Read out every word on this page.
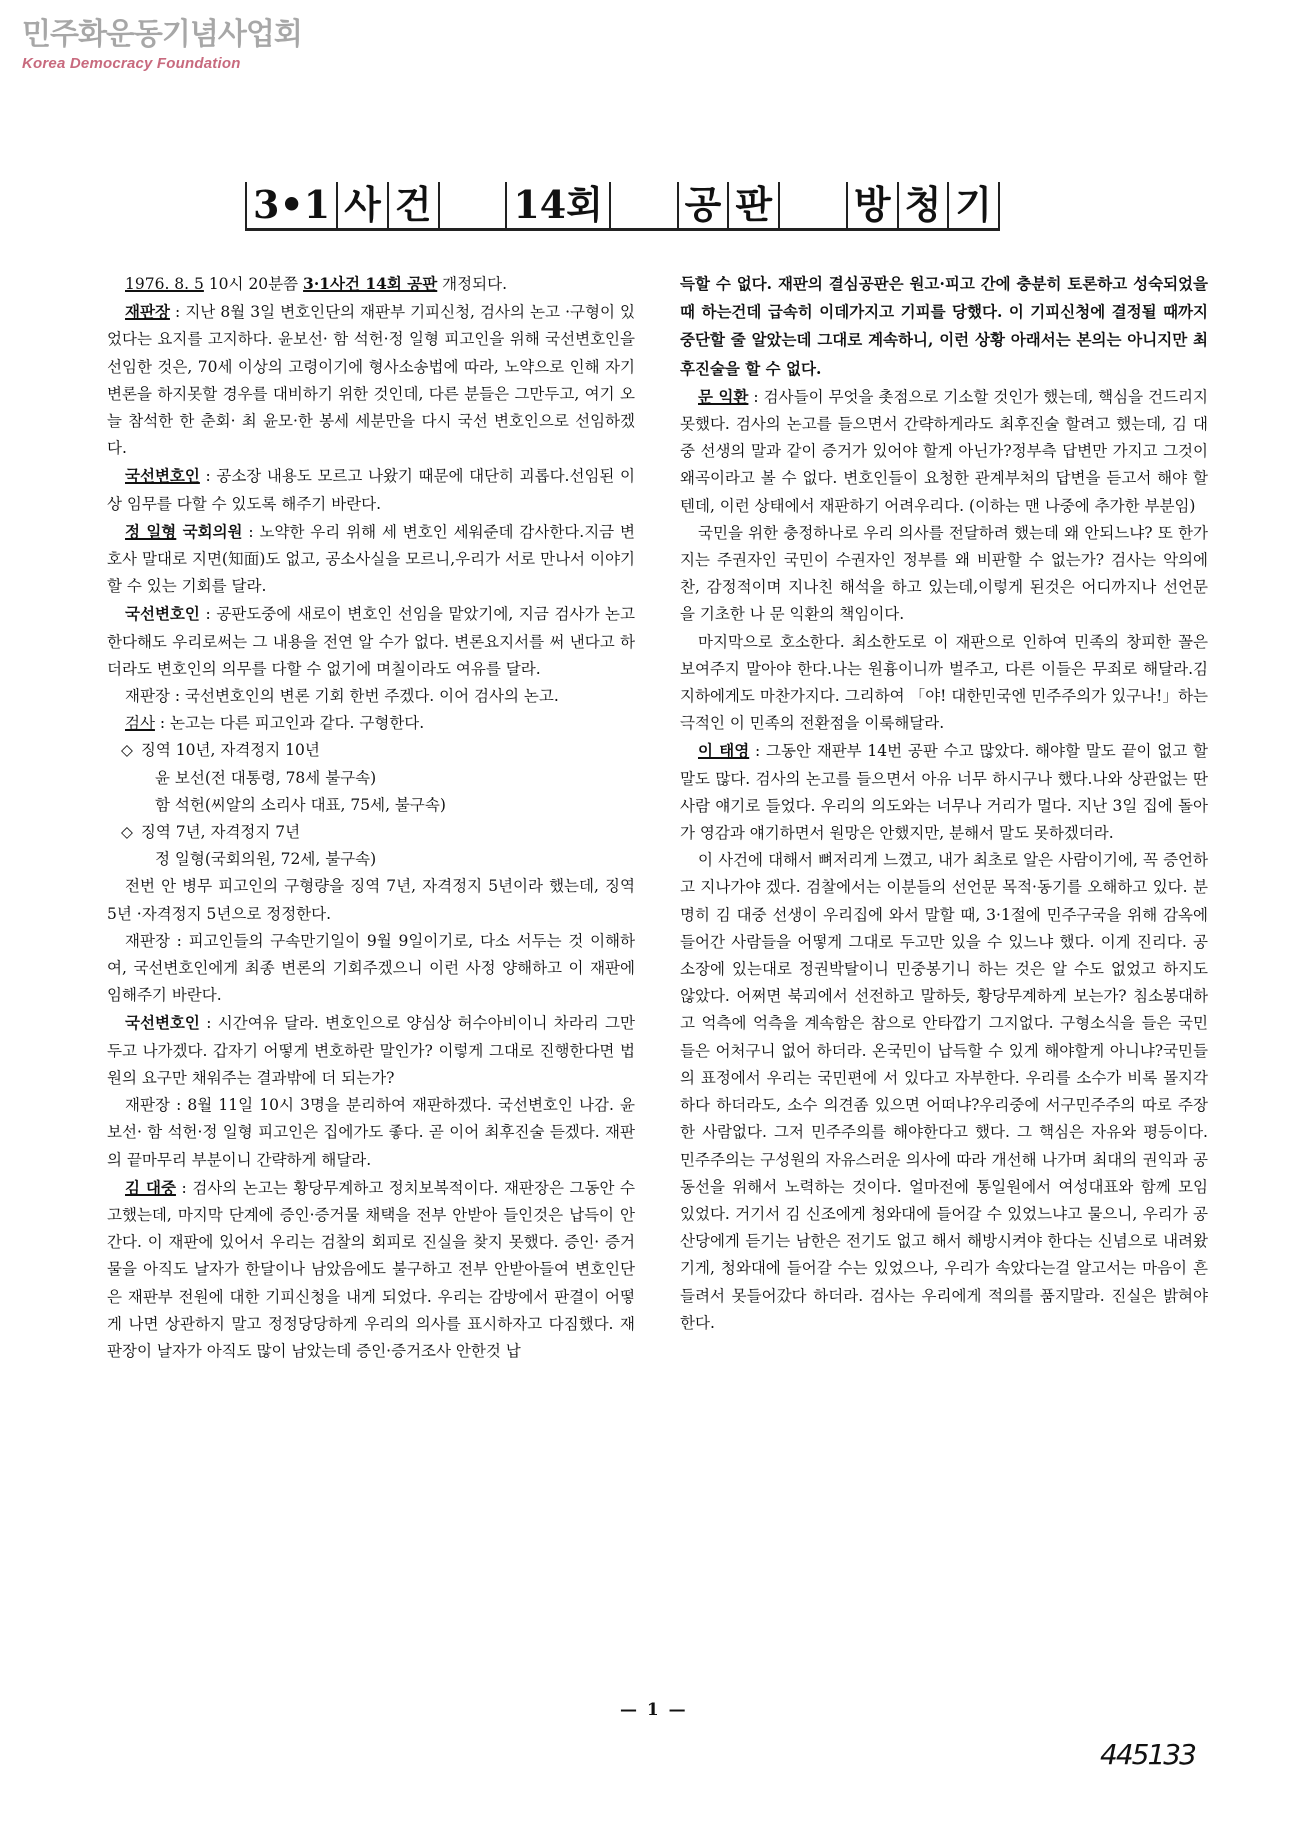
민주화운동기념사업회
Korea Democracy Foundation
3•1 사 건 14회 공 판 방 청 기

1976. 8. 5 10시 20분쯤 3·1사건 14회 공판 개정되다.

재판장 : 지난 8월 3일 변호인단의 재판부 기피신청, 검사의 논고 ·구형이 있었다는 요지를 고지하다. 윤보선· 함 석헌·정 일형 피고인을 위해 국선변호인을 선임한 것은, 70세 이상의 고령이기에 형사소송법에 따라, 노약으로 인해 자기 변론을 하지못할 경우를 대비하기 위한 것인데, 다른 분들은 그만두고, 여기 오늘 참석한 한 춘회· 최 윤모·한 봉세 세분만을 다시 국선 변호인으로 선임하겠다.

국선변호인 : 공소장 내용도 모르고 나왔기 때문에 대단히 괴롭다.선임된 이상 임무를 다할 수 있도록 해주기 바란다.

정 일형 국회의원 : 노약한 우리 위해 세 변호인 세워준데 감사한다.지금 변호사 말대로 지면(知面)도 없고, 공소사실을 모르니,우리가 서로 만나서 이야기 할 수 있는 기회를 달라.

국선변호인 : 공판도중에 새로이 변호인 선임을 맡았기에, 지금 검사가 논고한다해도 우리로써는 그 내용을 전연 알 수가 없다. 변론요지서를 써 낸다고 하더라도 변호인의 의무를 다할 수 없기에 며칠이라도 여유를 달라.

재판장 : 국선변호인의 변론 기회 한번 주겠다. 이어 검사의 논고.

검사 : 논고는 다른 피고인과 같다. 구형한다.

◇ 징역 10년, 자격정지 10년
윤 보선(전 대통령, 78세 불구속)
함 석헌(씨알의 소리사 대표, 75세, 불구속)
◇ 징역 7년, 자격정지 7년
정 일형(국회의원, 72세, 불구속)

전번 안 병무 피고인의 구형량을 징역 7년, 자격정지 5년이라 했는데, 징역 5년 ·자격정지 5년으로 정정한다.

재판장 : 피고인들의 구속만기일이 9월 9일이기로, 다소 서두는 것 이해하여, 국선변호인에게 최종 변론의 기회주겠으니 이런 사정 양해하고 이 재판에 임해주기 바란다.

국선변호인 : 시간여유 달라. 변호인으로 양심상 허수아비이니 차라리 그만두고 나가겠다. 갑자기 어떻게 변호하란 말인가? 이렇게 그대로 진행한다면 법원의 요구만 채워주는 결과밖에 더 되는가?

재판장 : 8월 11일 10시 3명을 분리하여 재판하겠다. 국선변호인 나감. 윤 보선· 함 석헌·정 일형 피고인은 집에가도 좋다. 곧 이어 최후진술 듣겠다. 재판의 끝마무리 부분이니 간략하게 해달라.

김 대중 : 검사의 논고는 황당무계하고 정치보복적이다. 재판장은 그동안 수고했는데, 마지막 단계에 증인·증거물 채택을 전부 안받아 들인것은 납득이 안간다. 이 재판에 있어서 우리는 검찰의 회피로 진실을 찾지 못했다. 증인· 증거물을 아직도 날자가 한달이나 남았음에도 불구하고 전부 안받아들여 변호인단은 재판부 전원에 대한 기피신청을 내게 되었다. 우리는 감방에서 판결이 어떻게 나면 상관하지 말고 정정당당하게 우리의 의사를 표시하자고 다짐했다. 재판장이 날자가 아직도 많이 남았는데 증인·증거조사 안한것 납

득할 수 없다. 재판의 결심공판은 원고·피고 간에 충분히 토론하고 성숙되었을 때 하는건데 급속히 이데가지고 기피를 당했다. 이 기피신청에 결정될 때까지 중단할 줄 알았는데 그대로 계속하니, 이런 상황 아래서는 본의는 아니지만 최후진술을 할 수 없다.

문 익환 : 검사들이 무엇을 촛점으로 기소할 것인가 했는데, 핵심을 건드리지 못했다. 검사의 논고를 들으면서 간략하게라도 최후진술 할려고 했는데, 김 대중 선생의 말과 같이 증거가 있어야 할게 아닌가?정부측 답변만 가지고 그것이 왜곡이라고 볼 수 없다. 변호인들이 요청한 관계부처의 답변을 듣고서 해야 할텐데, 이런 상태에서 재판하기 어려우리다. (이하는 맨 나중에 추가한 부분임)

국민을 위한 충정하나로 우리 의사를 전달하려 했는데 왜 안되느냐? 또 한가지는 주권자인 국민이 수권자인 정부를 왜 비판할 수 없는가? 검사는 악의에 찬, 감정적이며 지나친 해석을 하고 있는데,이렇게 된것은 어디까지나 선언문을 기초한 나 문 익환의 책임이다.

마지막으로 호소한다. 최소한도로 이 재판으로 인하여 민족의 창피한 꼴은 보여주지 말아야 한다.나는 원흉이니까 벌주고, 다른 이들은 무죄로 해달라.김 지하에게도 마찬가지다. 그리하여 「야! 대한민국엔 민주주의가 있구나!」하는 극적인 이 민족의 전환점을 이룩해달라.

이 태영 : 그동안 재판부 14번 공판 수고 많았다. 해야할 말도 끝이 없고 할말도 많다. 검사의 논고를 들으면서 아유 너무 하시구나 했다.나와 상관없는 딴 사람 얘기로 들었다. 우리의 의도와는 너무나 거리가 멀다. 지난 3일 집에 돌아가 영감과 얘기하면서 원망은 안했지만, 분해서 말도 못하겠더라.

이 사건에 대해서 뼈저리게 느꼈고, 내가 최초로 알은 사람이기에, 꼭 증언하고 지나가야 겠다. 검찰에서는 이분들의 선언문 목적·동기를 오해하고 있다. 분명히 김 대중 선생이 우리집에 와서 말할 때, 3·1절에 민주구국을 위해 감옥에 들어간 사람들을 어떻게 그대로 두고만 있을 수 있느냐 했다. 이게 진리다. 공소장에 있는대로 정권박탈이니 민중봉기니 하는 것은 알 수도 없었고 하지도 않았다. 어쩌면 북괴에서 선전하고 말하듯, 황당무계하게 보는가? 침소봉대하고 억측에 억측을 계속함은 참으로 안타깝기 그지없다. 구형소식을 들은 국민들은 어처구니 없어 하더라. 온국민이 납득할 수 있게 해야할게 아니냐?국민들의 표정에서 우리는 국민편에 서 있다고 자부한다. 우리를 소수가 비록 몰지각 하다 하더라도, 소수 의견좀 있으면 어떠냐?우리중에 서구민주주의 따로 주장한 사람없다. 그저 민주주의를 해야한다고 했다. 그 핵심은 자유와 평등이다. 민주주의는 구성원의 자유스러운 의사에 따라 개선해 나가며 최대의 권익과 공동선을 위해서 노력하는 것이다. 얼마전에 통일원에서 여성대표와 함께 모임 있었다. 거기서 김 신조에게 청와대에 들어갈 수 있었느냐고 물으니, 우리가 공산당에게 듣기는 남한은 전기도 없고 해서 해방시켜야 한다는 신념으로 내려왔기게, 청와대에 들어갈 수는 있었으나, 우리가 속았다는걸 알고서는 마음이 흔들려서 못들어갔다 하더라. 검사는 우리에게 적의를 품지말라. 진실은 밝혀야 한다.

— 1 —
445133
